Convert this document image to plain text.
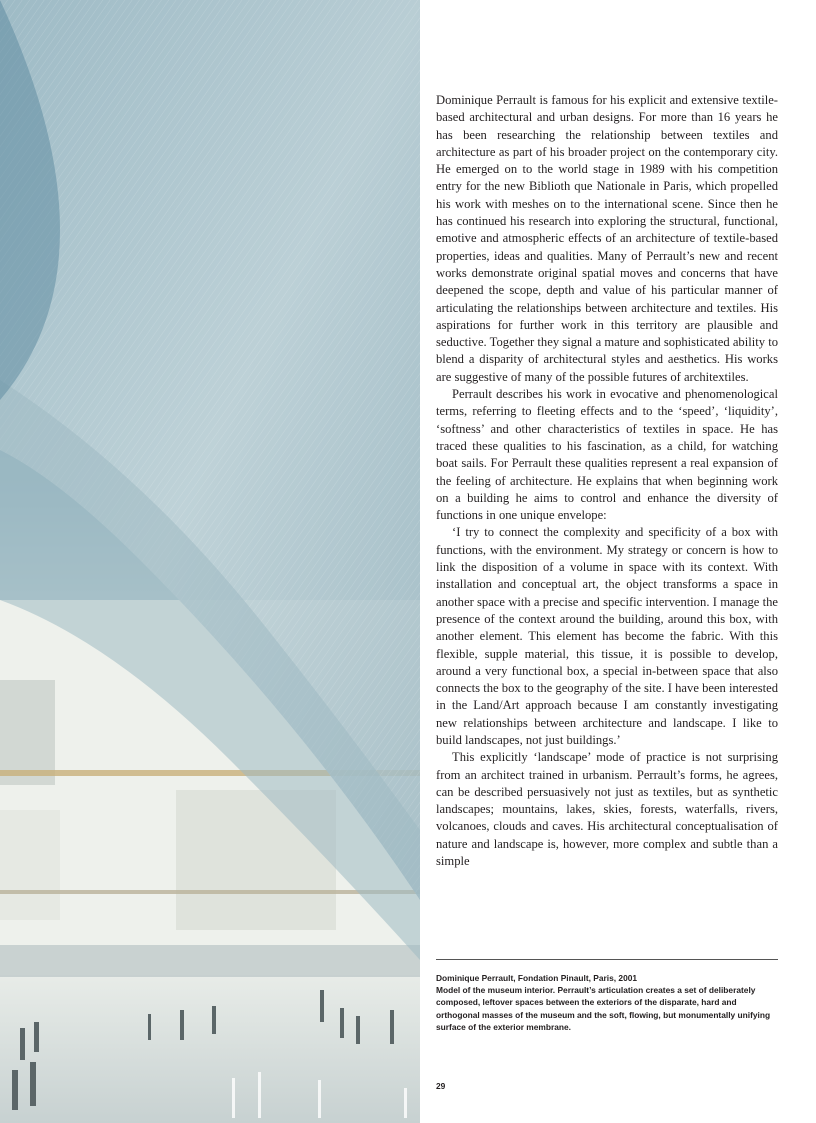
Dominique Perrault is famous for his explicit and extensive textile-based architectural and urban designs. For more than 16 years he has been researching the relationship between textiles and architecture as part of his broader project on the contemporary city. He emerged on to the world stage in 1989 with his competition entry for the new Biblioth que Nationale in Paris, which propelled his work with meshes on to the international scene. Since then he has continued his research into exploring the structural, functional, emotive and atmospheric effects of an architecture of textile-based properties, ideas and qualities. Many of Perrault’s new and recent works demonstrate original spatial moves and concerns that have deepened the scope, depth and value of his particular manner of articulating the relationships between architecture and textiles. His aspirations for further work in this territory are plausible and seductive. Together they signal a mature and sophisticated ability to blend a disparity of architectural styles and aesthetics. His works are suggestive of many of the possible futures of architextiles.

Perrault describes his work in evocative and phenomenological terms, referring to fleeting effects and to the ‘speed’, ‘liquidity’, ‘softness’ and other characteristics of textiles in space. He has traced these qualities to his fascination, as a child, for watching boat sails. For Perrault these qualities represent a real expansion of the feeling of architecture. He explains that when beginning work on a building he aims to control and enhance the diversity of functions in one unique envelope:

‘I try to connect the complexity and specificity of a box with functions, with the environment. My strategy or concern is how to link the disposition of a volume in space with its context. With installation and conceptual art, the object transforms a space in another space with a precise and specific intervention. I manage the presence of the context around the building, around this box, with another element. This element has become the fabric. With this flexible, supple material, this tissue, it is possible to develop, around a very functional box, a special in-between space that also connects the box to the geography of the site. I have been interested in the Land/Art approach because I am constantly investigating new relationships between architecture and landscape. I like to build landscapes, not just buildings.’

This explicitly ‘landscape’ mode of practice is not surprising from an architect trained in urbanism. Perrault’s forms, he agrees, can be described persuasively not just as textiles, but as synthetic landscapes; mountains, lakes, skies, forests, waterfalls, rivers, volcanoes, clouds and caves. His architectural conceptualisation of nature and landscape is, however, more complex and subtle than a simple

Dominique Perrault, Fondation Pinault, Paris, 2001
Model of the museum interior. Perrault’s articulation creates a set of deliberately composed, leftover spaces between the exteriors of the disparate, hard and orthogonal masses of the museum and the soft, flowing, but monumentally unifying surface of the exterior membrane.
29
